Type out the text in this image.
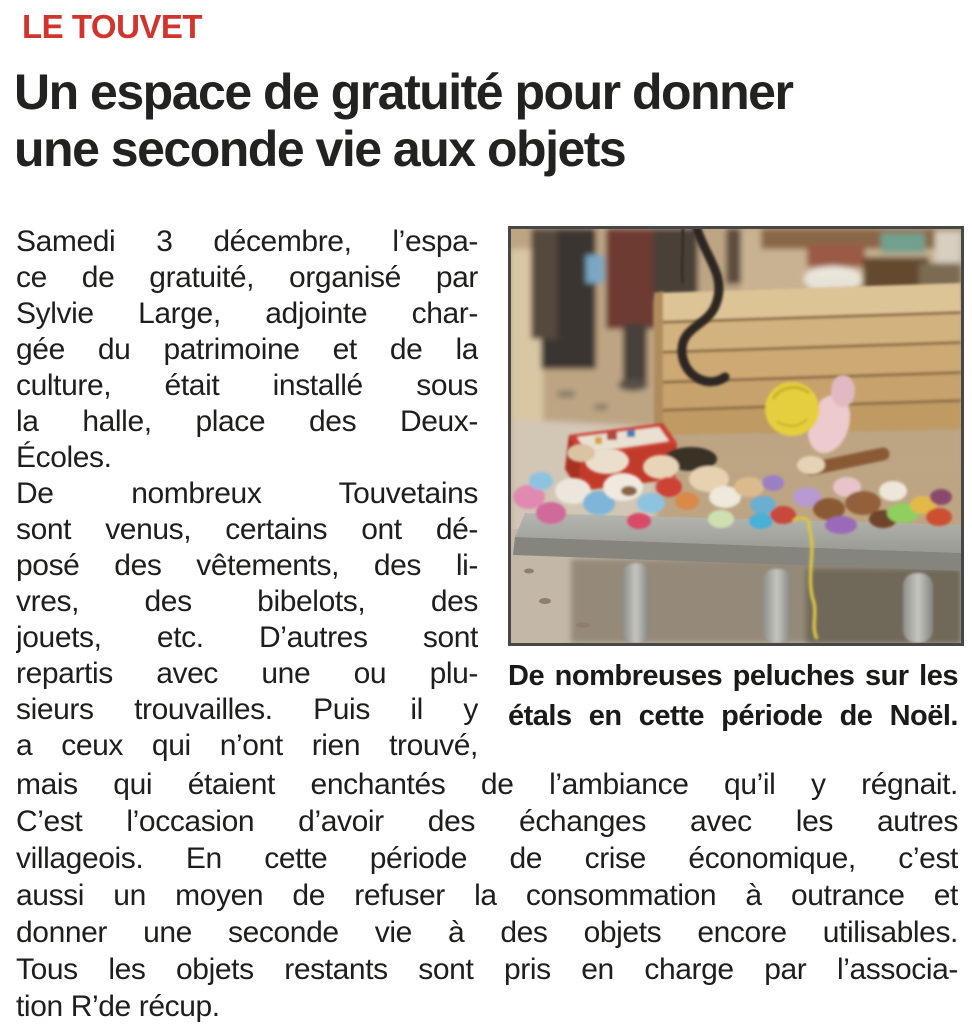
LE TOUVET
Un espace de gratuité pour donner
une seconde vie aux objets
Samedi 3 décembre, l’espa-
ce de gratuité, organisé par
Sylvie Large, adjointe char-
gée du patrimoine et de la
culture, était installé sous
la halle, place des Deux-
Écoles.
De nombreux Touvetains
sont venus, certains ont dé-
posé des vêtements, des li-
vres, des bibelots, des
jouets, etc. D’autres sont
repartis avec une ou plu-
sieurs trouvailles. Puis il y
a ceux qui n’ont rien trouvé,
De nombreuses peluches sur les
étals en cette période de Noël.
mais qui étaient enchantés de l’ambiance qu’il y régnait.
C’est l’occasion d’avoir des échanges avec les autres
villageois. En cette période de crise économique, c’est
aussi un moyen de refuser la consommation à outrance et
donner une seconde vie à des objets encore utilisables.
Tous les objets restants sont pris en charge par l’associa-
tion R’de récup.
